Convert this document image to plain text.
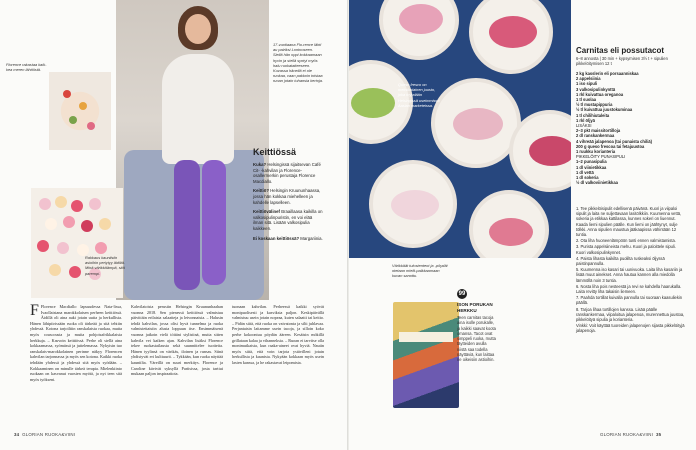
Florence rakastaa kaik-kea meren lähtöistä.
17-vuotiaana Flo-rence lähti au pairiksi Lontooseen. Siellä hän oppi kokkaamaan hyvin ja siellä syntyi myös halu ruokataiteeseen. Kuvassa hänellä ei ole ruokaa, vaan pakkoin toistaa ruoan jotain tuhansia kertoja.
Rakkaus kauniisiin asioihin periytyy äidiltä. Minä värikkäämpä, sitä parempi.
Keittiössä
Kuka? Helsingissä sijaitsevan Café Cit- -kahvilan ja Florence-osallermerkin perustaja Florence Macdiallo.
Keittiö? Helsingin Kruununhaassa, jossa hän kokkaa miehelleen ja kahdelle lapselleen.
Keittiövälinef Braaillaasa kaikilla on valkosipulinpuristin, en voi elää ilman sitä. Lisään valkosipulia kaikkeen.
Ei koskaan keittiössä? Margariinia.

F Florence Macdiallo lapsuudessa Nata-lissa, Ivaollaistana marokkolaisen perheen keittiössä. Äidillä oli aina auki jotain uutta ja herkullista. Hänen lähipiirissään ruoka oli tärkeää ja sitä tehtiin yhdessä. Kotona tarjoiltiin ranskalaista ruokaa, mutta myös couscousta ja muita pohjoisafrikkalaisia herkkuja. – Kasvoin keittiössä. Perhe oli siellä aina kokkaamassa, syömässä ja juttelemassa. Nykyisin tuo ranskalais-marokkolainen perinne näkyy Florencen kahvilan tarjonnassa ja myös sen kotona. Kaikki ruoka tehdään yhdessä ja yhdessä sitä myös syödään. – Kokkaaminen on minulle tärkeä terapia. Mielenkiinto ruokaan on kasvanut vuosien myötä, ja nyt teen sitä myös työkseni.

Kahvilatoista perustin Helsingin Kruununhaahan vuonna 2018. Sen pienessä keittiössä valmistuu päivittäin erilaisia salaatteja ja leivonnaisia. – Halusin tehdä kahvilan, jossa olisi hyvä tunnelma ja ruoka valmistettaisiin alusta loppuun itse. Ensimmäisenä vuonna jatkoin vielä töitäni stylistinä, mutta sitten kahvila vei kaiken ajan. Kahvilan lisäksi Florence tekee ruokastailausta sekä suunnittelee tuotteita. Hänen tyylinsä on värikäs, iloinen ja runsas. Siinä yhdistyvät eri kulttuurit. – Tykkään, kun ruoka näyttää kauniilta. Väreillä on suuri merkitys. Florence ja Caroline kävivät syksyllä Pariisissa, josta tarttui mukaan paljon inspiraatiota.

tuonaan kahvilan. Perheessä kaikki syövät monipuolisesti ja kasviksia paljon. Keskipäivällä valmistuu usein jotain nopeaa, kuten salaatti tai keitto. – Pidän siitä, että ruoka on vaivatonta ja silti juhlavaa. Perjantaisin laitamme usein tacoja, ja silloin koko perhe kokoontuu pöydän ääreen. Kesäisin mökillä grillataan kalaa ja vihanneksia. – Ruoan ei tarvitse olla monimutkaista, kun raaka-aineet ovat hyviä. Nautin myös siitä, että voin tarjota ystävilleni jotain herkullista ja kaunista. Nykyään kokkaan myös usein lasten kanssa, ja he rakastavat leipomista.

34 GLORIAN RUOKA&VIINI
Queso fresco on meksikolainen juusto, joka myydään Helsingissä useimmissa Aasian marketeissa.
Värikkäät tulostenteot ja -pöydät otetaan mielit-palkkaamaan kuvan sanottu.
99
ISON PORUKAN HERKKU
Teen carnitas tacoja aina isolle porukalle, ja kaikki saavat koota omansa. Tacot ovat simppeli ruoka, mutta täytteiden avulla niistä saa todella näyttäviä, kun laittaa ne oikeisiin astioihin.
Carnitas eli possutacot
6–8 annosta | 30 min + kypsymisen 3½ t + sipulien pikkelöitymisen 12 t
2 kg kasslerin eli porsaanniskaa
2 appelsiinia
1 iso sipuli
3 valkosipulinkynttä
1 rkl kuivattua oreganoa
1 tl suolaa
½ tl mustapippuria
½ tl kuivattua juustokuminaa
1 tl chilihiutaleita
1 rkl öljyä
LISÄKSI
2–3 pkt maissitortilloja
2 dl ranskankermaa
4 vihreää jalapenoa (tai punaista chiliä)
200 g queso frescoa tai fetajuustoa
1 ruukku korianteria
PIKKELÖITY PUNASIPULI
1–2 punasipulia
1 dl viinietikkaa
1 dl vettä
1 dl sokeria
½ dl valkoviinietikkaa

1. Tee pikkelöisipulit edellisenä päivänä. Kuori ja viipaloi sipulit ja laita ne suljettavaan lasitölkkiin. Kuumenna vettä, sokeria ja etikkaa kattilassa, kunnes sokeri on liuennut. Kaada liemi sipulien päälle. Kun liemi on jäähtynyt, sulje tölkki. Anna sipulien maustua jääkaapissa vähintään 12 tuntia.

2. Ota liha huoneenlämpöön tunti ennen valmistamista.

3. Purista appelsiineista mehu. Kuori ja paloittele sipuli. Kuori valkosipulinkynnet.

4. Paista lihasta kaikilta puolilta ruskeaksi öljyssä paistinpannulla.

5. Kuumenna iso kasari tai uunivuoka. Laita liha kasariin ja lisää muut ainekset. Anna hautua kannen alla miedolla lämmöllä noin 3 tuntia.

6. Nosta liha pois nesteestä ja revi se kahdella haarukalla. Laita revitty liha takaisin liemeen.

7. Paahda tortillat kuivalla pannulla tai suoraan kaasuliekin päällä.

8. Tarjoa lihaa tortillojen kanssa. Lisää päälle ranskankermaa, viipaloitua jalapenoa, murennettua juustoa, pikkelöityä sipulia ja korianteria.

Vinkki: Voit käyttää tuoreiden jalapenojen sijasta pikkelöityjä jalapenoja.

GLORIAN RUOKA&VIINI 35
